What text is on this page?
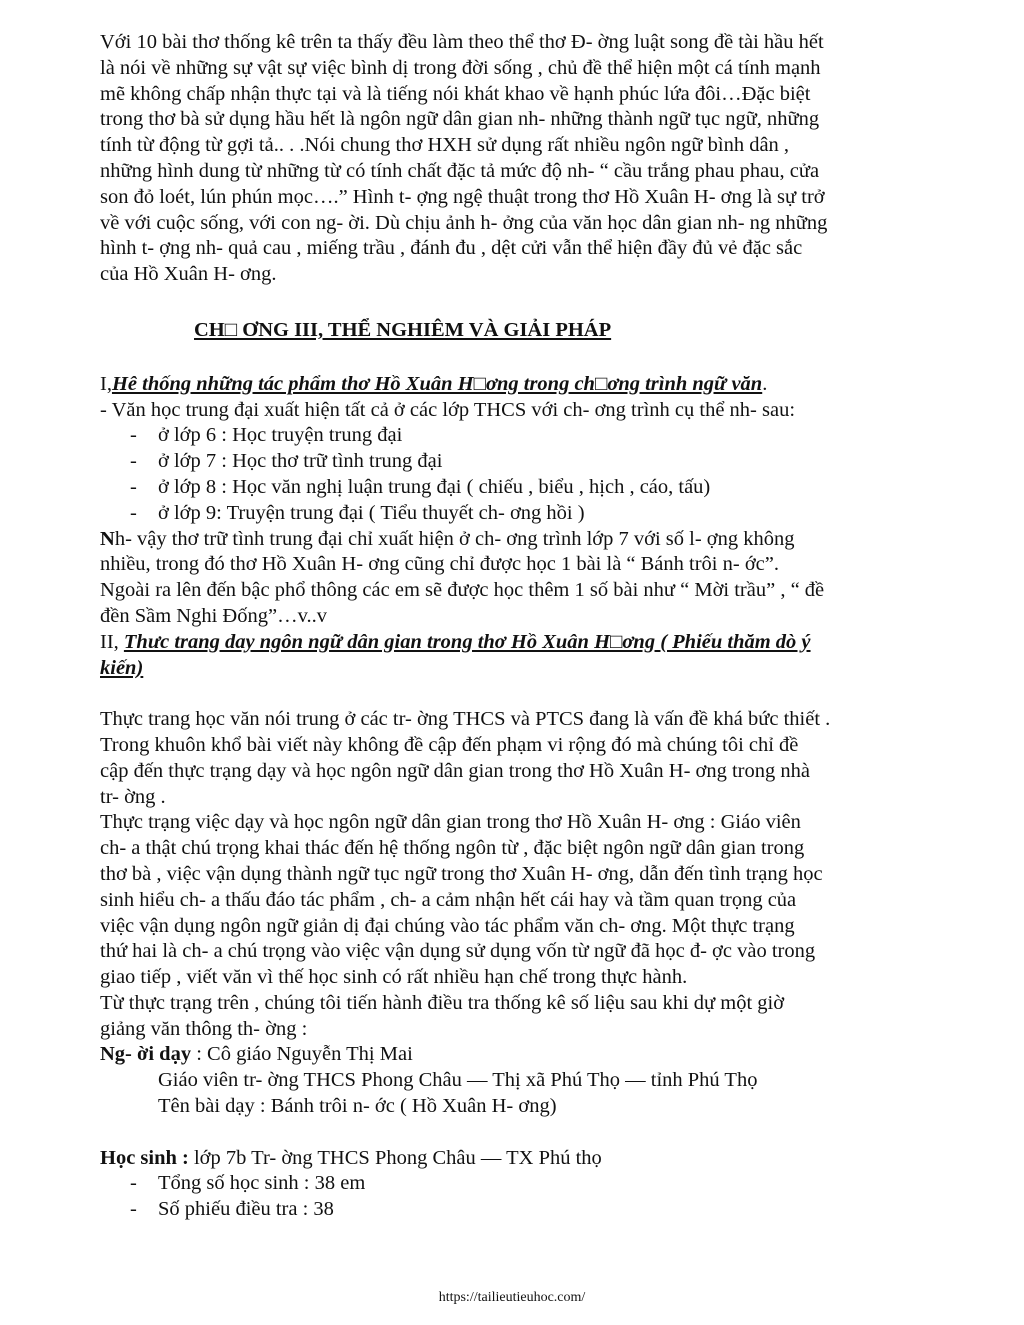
Với 10 bài thơ thống kê trên ta thấy đều làm theo thể thơ Đ- ờng luật song đề tài hầu hết

là nói về những sự vật sự việc bình dị trong đời sống , chủ đề thể hiện một cá tính mạnh

mẽ không chấp nhận thực tại và là tiếng nói khát khao về hạnh phúc lứa đôi…Đặc biệt

trong thơ bà sử dụng hầu hết là ngôn ngữ dân gian nh- những thành ngữ tục ngữ, những

tính từ động từ gợi tả.. . .Nói chung thơ HXH sử dụng rất nhiều ngôn ngữ bình dân ,

những hình dung từ những từ có tính chất đặc tả mức độ nh- “ cầu trắng phau phau, cửa

son đỏ loét, lún phún mọc….” Hình t- ợng ngệ thuật trong thơ Hồ Xuân H- ơng là sự trở

về với cuộc sống, với con ng- ời. Dù chịu ảnh h- ởng của văn học dân gian nh- ng những

hình t- ợng nh- quả cau , miếng trầu , đánh đu , dệt cửi vẫn thể hiện đầy đủ vẻ đặc sắc

của Hồ Xuân H- ơng.

CH□ ƠNG III, THỂ NGHIÊM VÀ GIẢI PHÁP

I,Hê thống những tác phẩm thơ Hồ Xuân H□ơng trong ch□ơng trình ngữ văn.

- Văn học trung đại xuất hiện tất cả ở các lớp THCS với ch- ơng trình cụ thể nh- sau:

- ở lớp 6 : Học truyện trung đại
- ở lớp 7 : Học thơ trữ tình trung đại
- ở lớp 8 : Học văn nghị luận trung đại ( chiếu , biểu , hịch , cáo, tấu)
- ở lớp 9: Truyện trung đại ( Tiểu thuyết ch- ơng hồi )

Nh- vậy thơ trữ tình trung đại chỉ xuất hiện ở ch- ơng trình lớp 7 với số l- ợng không

nhiều, trong đó thơ Hồ Xuân H- ơng cũng chỉ được học 1 bài là “ Bánh trôi n- ớc”.

Ngoài ra lên đến bậc phổ thông các em sẽ được học thêm 1 số bài như “ Mời trầu” , “ đề

đền Sầm Nghi Đống”…v..v

II, Thưc trang day ngôn ngữ dân gian trong thơ Hồ Xuân H□ơng ( Phiếu thăm dò ý

kiến)

Thực trang học văn nói trung ở các tr- ờng THCS và PTCS đang là vấn đề khá bức thiết .

Trong khuôn khổ bài viết này không đề cập đến phạm vi rộng đó mà chúng tôi chỉ đề

cập đến thực trạng dạy và học ngôn ngữ dân gian trong thơ Hồ Xuân H- ơng trong nhà

tr- ờng .

Thực trạng việc dạy và học ngôn ngữ dân gian trong thơ Hồ Xuân H- ơng : Giáo viên

ch- a thật chú trọng khai thác đến hệ thống ngôn từ , đặc biệt ngôn ngữ dân gian trong

thơ bà , việc vận dụng thành ngữ tục ngữ trong thơ Xuân H- ơng, dẫn đến tình trạng học

sinh hiểu ch- a thấu đáo tác phẩm , ch- a cảm nhận hết cái hay và tầm quan trọng của

việc vận dụng ngôn ngữ giản dị đại chúng vào tác phẩm văn ch- ơng. Một thực trạng

thứ hai là ch- a chú trọng vào việc vận dụng sử dụng vốn từ ngữ đã học đ- ợc vào trong

giao tiếp , viết văn vì thế học sinh có rất nhiều hạn chế trong thực hành.

Từ thực trạng trên , chúng tôi tiến hành điều tra thống kê số liệu sau khi dự một giờ

giảng văn thông th- ờng :

Ng- ời dạy : Cô giáo Nguyễn Thị Mai

Giáo viên tr- ờng THCS Phong Châu — Thị xã Phú Thọ — tỉnh Phú Thọ

Tên bài dạy : Bánh trôi n- ớc ( Hồ Xuân H- ơng)

Học sinh : lớp 7b Tr- ờng THCS Phong Châu — TX Phú thọ

- Tổng số học sinh : 38 em
- Số phiếu điều tra : 38
https://tailieutieuhoc.com/
